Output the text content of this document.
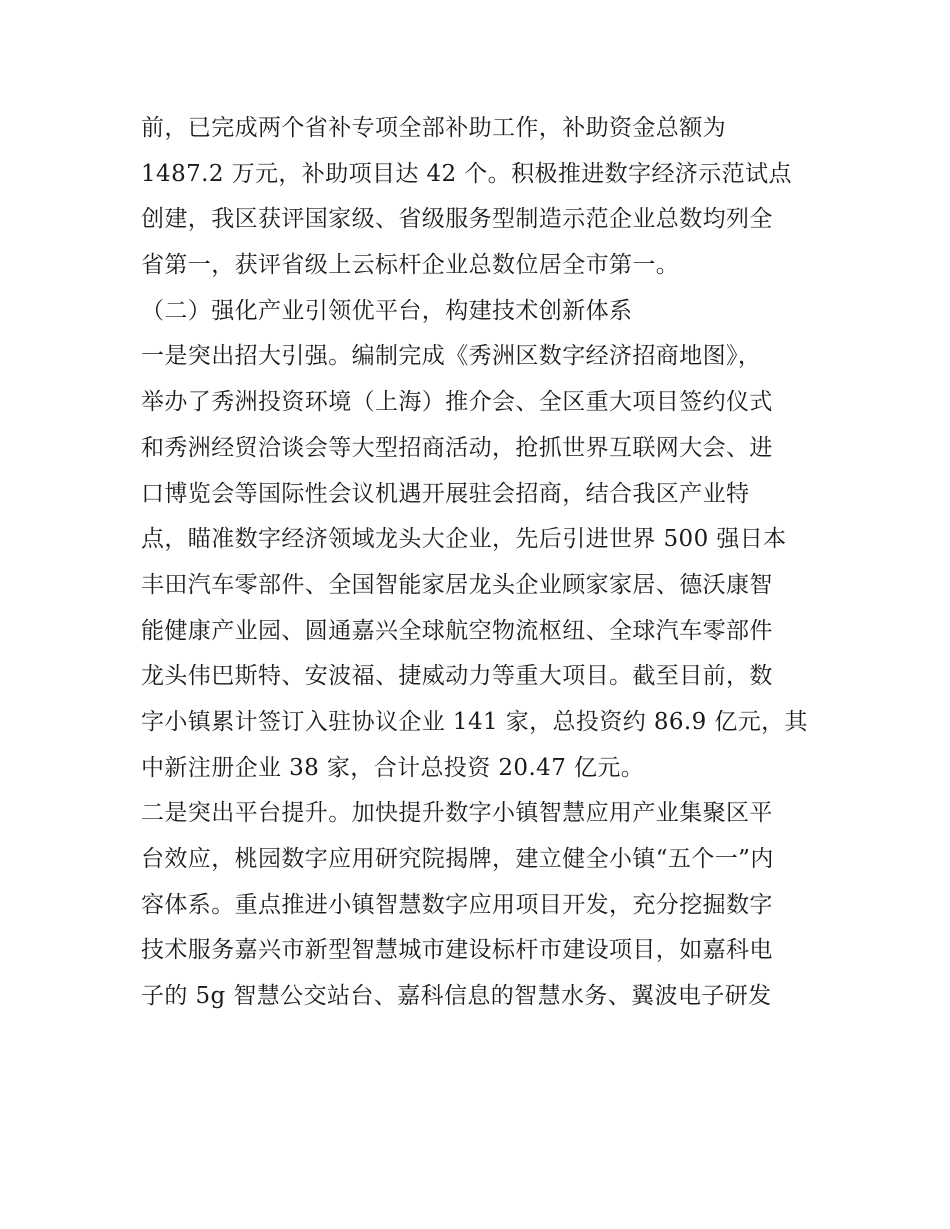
前，已完成两个省补专项全部补助工作，补助资金总额为
1487.2 万元，补助项目达 42 个。积极推进数字经济示范试点
创建，我区获评国家级、省级服务型制造示范企业总数均列全
省第一，获评省级上云标杆企业总数位居全市第一。
（二）强化产业引领优平台，构建技术创新体系
一是突出招大引强。编制完成《秀洲区数字经济招商地图》，
举办了秀洲投资环境（上海）推介会、全区重大项目签约仪式
和秀洲经贸洽谈会等大型招商活动，抢抓世界互联网大会、进
口博览会等国际性会议机遇开展驻会招商，结合我区产业特
点，瞄准数字经济领域龙头大企业，先后引进世界 500 强日本
丰田汽车零部件、全国智能家居龙头企业顾家家居、德沃康智
能健康产业园、圆通嘉兴全球航空物流枢纽、全球汽车零部件
龙头伟巴斯特、安波福、捷威动力等重大项目。截至目前，数
字小镇累计签订入驻协议企业 141 家，总投资约 86.9 亿元，其
中新注册企业 38 家，合计总投资 20.47 亿元。
二是突出平台提升。加快提升数字小镇智慧应用产业集聚区平
台效应，桃园数字应用研究院揭牌，建立健全小镇“五个一”内
容体系。重点推进小镇智慧数字应用项目开发，充分挖掘数字
技术服务嘉兴市新型智慧城市建设标杆市建设项目，如嘉科电
子的 5g 智慧公交站台、嘉科信息的智慧水务、翼波电子研发
